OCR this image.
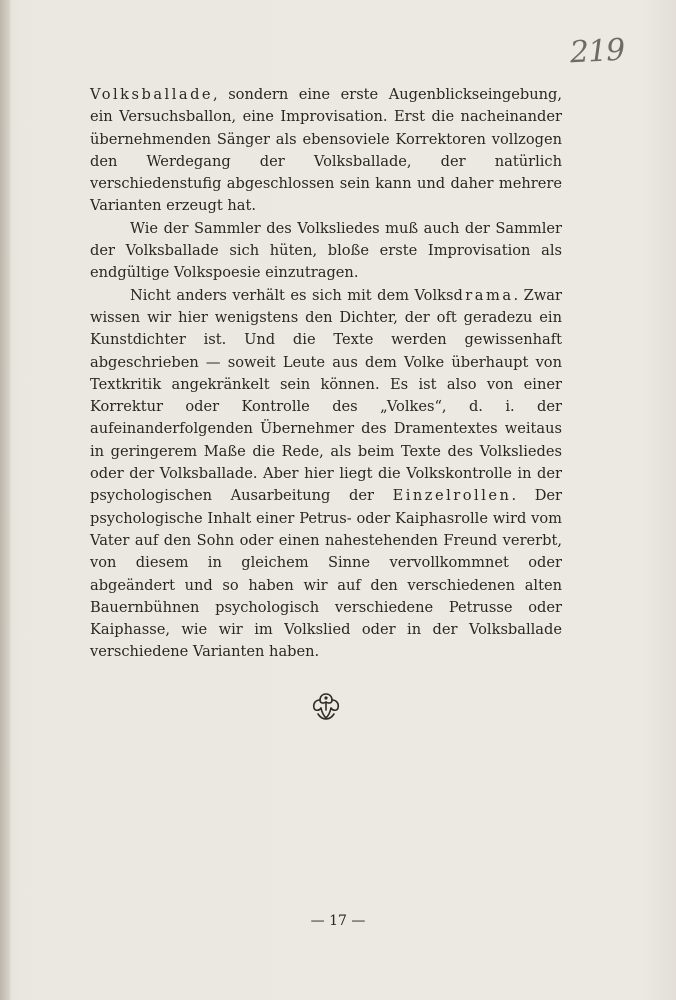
219

Volksballade, sondern eine erste Augenblickseingebung, ein Versuchsballon, eine Improvisation. Erst die nacheinander übernehmenden Sänger als ebensoviele Korrektoren vollzogen den Werdegang der Volksballade, der natürlich verschiedenstufig abgeschlossen sein kann und daher mehrere Varianten erzeugt hat.

Wie der Sammler des Volksliedes muß auch der Sammler der Volksballade sich hüten, bloße erste Improvisation als endgültige Volkspoesie einzutragen.

Nicht anders verhält es sich mit dem Volksdrama. Zwar wissen wir hier wenigstens den Dichter, der oft geradezu ein Kunstdichter ist. Und die Texte werden gewissenhaft abgeschrieben — soweit Leute aus dem Volke überhaupt von Textkritik angekränkelt sein können. Es ist also von einer Korrektur oder Kontrolle des „Volkes“, d. i. der aufeinanderfolgenden Übernehmer des Dramentextes weitaus in geringerem Maße die Rede, als beim Texte des Volksliedes oder der Volksballade. Aber hier liegt die Volkskontrolle in der psychologischen Ausarbeitung der Einzelrollen. Der psychologische Inhalt einer Petrus- oder Kaiphasrolle wird vom Vater auf den Sohn oder einen nahestehenden Freund vererbt, von diesem in gleichem Sinne vervollkommnet oder abgeändert und so haben wir auf den verschiedenen alten Bauernbühnen psychologisch verschiedene Petrusse oder Kaiphasse, wie wir im Volkslied oder in der Volksballade verschiedene Varianten haben.

— 17 —
